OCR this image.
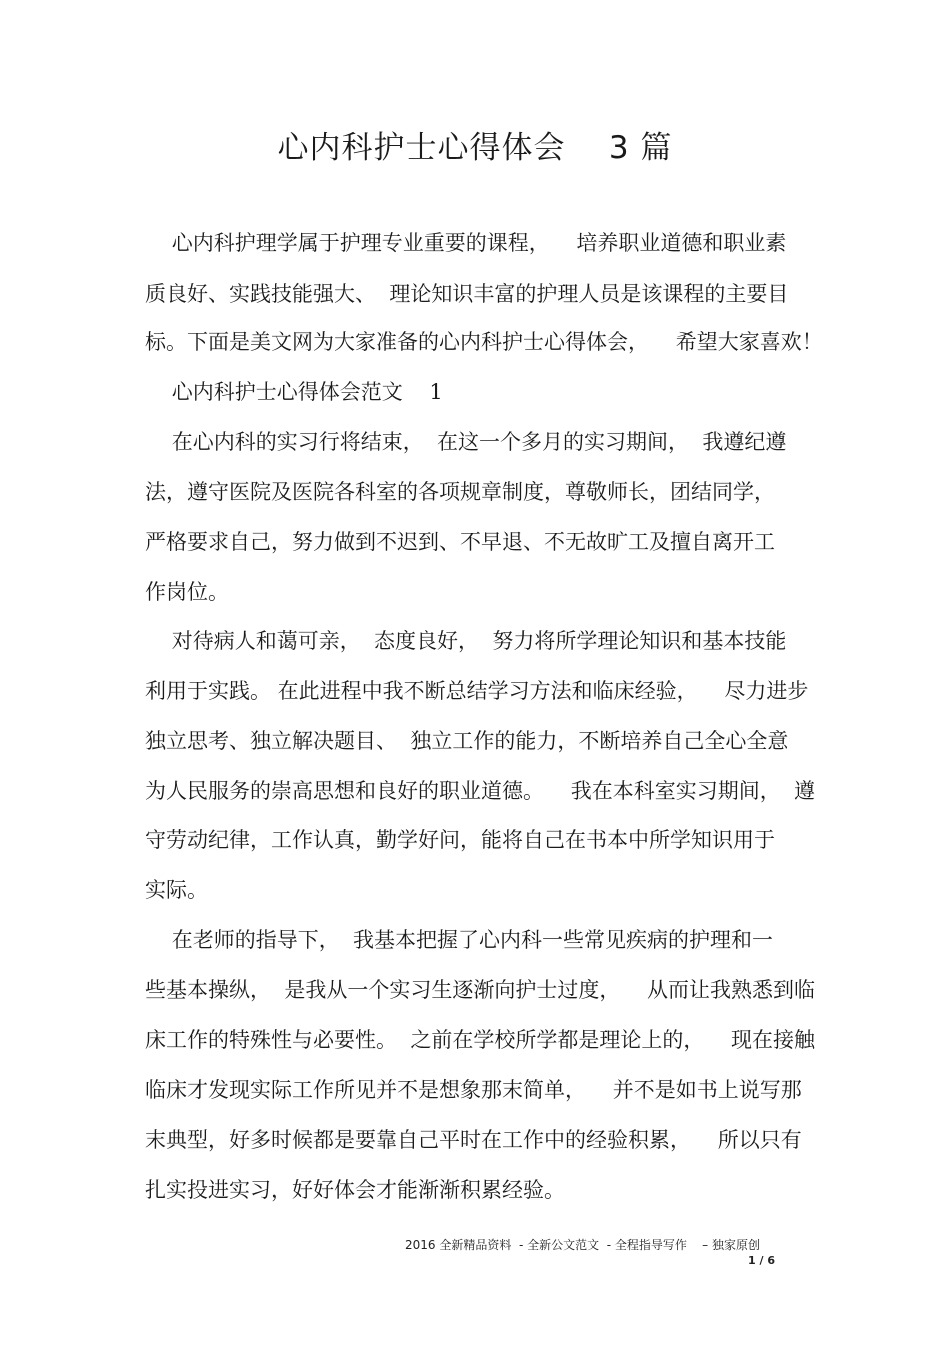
心内科护士心得体会    3 篇
心内科护理学属于护理专业重要的课程，    培养职业道德和职业素
质良好、实践技能强大、  理论知识丰富的护理人员是该课程的主要目
标。下面是美文网为大家准备的心内科护士心得体会，    希望大家喜欢！
心内科护士心得体会范文    1
在心内科的实习行将结束，  在这一个多月的实习期间，  我遵纪遵
法，遵守医院及医院各科室的各项规章制度，尊敬师长，团结同学，
严格要求自己，努力做到不迟到、不早退、不无故旷工及擅自离开工
作岗位。
对待病人和蔼可亲，  态度良好，  努力将所学理论知识和基本技能
利用于实践。 在此进程中我不断总结学习方法和临床经验，    尽力进步
独立思考、独立解决题目、  独立工作的能力，不断培养自己全心全意
为人民服务的崇高思想和良好的职业道德。    我在本科室实习期间，  遵
守劳动纪律，工作认真，勤学好问，能将自己在书本中所学知识用于
实际。
在老师的指导下，  我基本把握了心内科一些常见疾病的护理和一
些基本操纵，  是我从一个实习生逐渐向护士过度，    从而让我熟悉到临
床工作的特殊性与必要性。  之前在学校所学都是理论上的，    现在接触
临床才发现实际工作所见并不是想象那末简单，    并不是如书上说写那
末典型，好多时候都是要靠自己平时在工作中的经验积累，    所以只有
扎实投进实习，好好体会才能渐渐积累经验。
2016 全新精品资料  - 全新公文范文  - 全程指导写作    – 独家原创
1 / 6
